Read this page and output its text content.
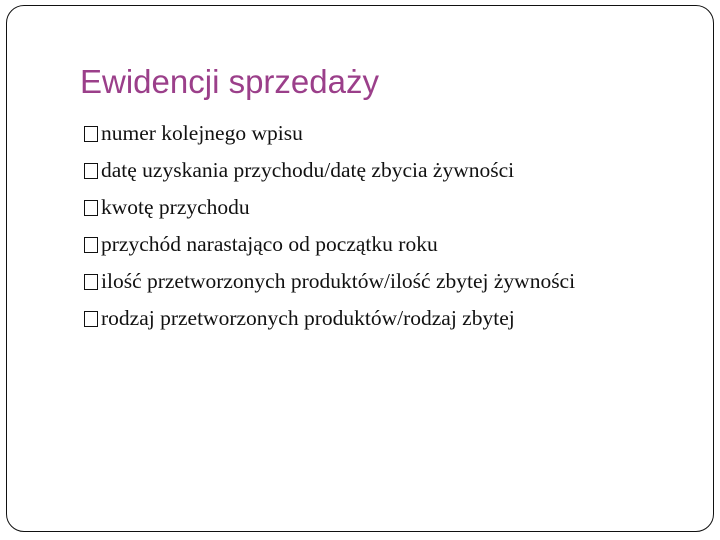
Ewidencji sprzedaży
numer kolejnego wpisu
datę uzyskania przychodu/datę zbycia żywności
kwotę przychodu
przychód narastająco od początku roku
ilość przetworzonych produktów/ilość zbytej żywności
rodzaj przetworzonych produktów/rodzaj zbytej
